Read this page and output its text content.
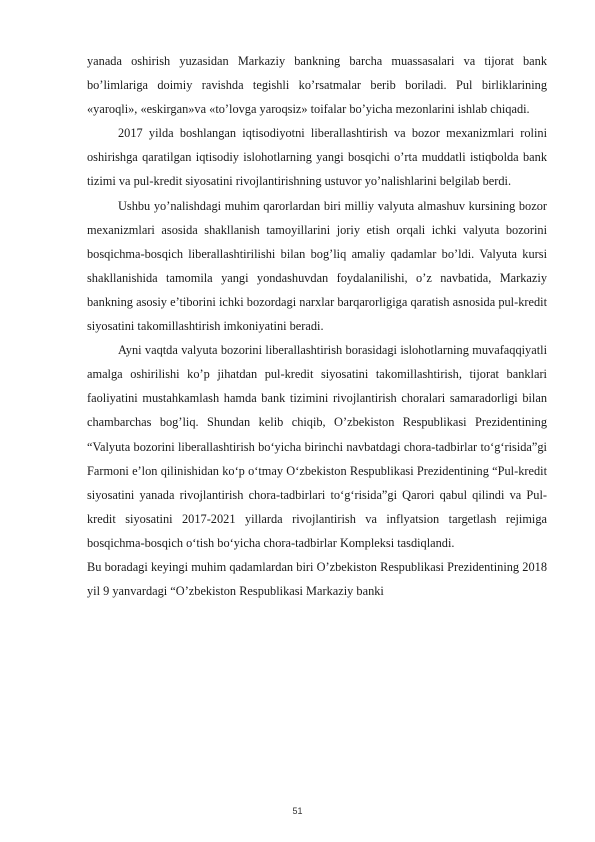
yanada oshirish yuzasidan Markaziy bankning barcha muassasalari va tijorat bank bo’limlariga doimiy ravishda tegishli ko’rsatmalar berib boriladi. Pul birliklarining «yaroqli», «eskirgan»va «to’lovga yaroqsiz» toifalar bo’yicha mezonlarini ishlab chiqadi.

2017 yilda boshlangan iqtisodiyotni liberallashtirish va bozor mexanizmlari rolini oshirishga qaratilgan iqtisodiy islohotlarning yangi bosqichi o’rta muddatli istiqbolda bank tizimi va pul-kredit siyosatini rivojlantirishning ustuvor yo’nalishlarini belgilab berdi.

Ushbu yo’nalishdagi muhim qarorlardan biri milliy valyuta almashuv kursining bozor mexanizmlari asosida shakllanish tamoyillarini joriy etish orqali ichki valyuta bozorini bosqichma-bosqich liberallashtirilishi bilan bog’liq amaliy qadamlar bo’ldi. Valyuta kursi shakllanishida tamomila yangi yondashuvdan foydalanilishi, o’z navbatida, Markaziy bankning asosiy e’tiborini ichki bozordagi narxlar barqarorligiga qaratish asnosida pul-kredit siyosatini takomillashtirish imkoniyatini beradi.

Ayni vaqtda valyuta bozorini liberallashtirish borasidagi islohotlarning muvafaqqiyatli amalga oshirilishi ko’p jihatdan pul-kredit siyosatini takomillashtirish, tijorat banklari faoliyatini mustahkamlash hamda bank tizimini rivojlantirish choralari samaradorligi bilan chambarchas bog’liq. Shundan kelib chiqib, O’zbekiston Respublikasi Prezidentining “Valyuta bozorini liberallashtirish bo‘yicha birinchi navbatdagi chora-tadbirlar to‘g‘risida”gi Farmoni e’lon qilinishidan ko‘p o‘tmay O‘zbekiston Respublikasi Prezidentining “Pul-kredit siyosatini yanada rivojlantirish chora-tadbirlari to‘g‘risida”gi Qarori qabul qilindi va Pul-kredit siyosatini 2017-2021 yillarda rivojlantirish va inflyatsion targetlash rejimiga bosqichma-bosqich o‘tish bo‘yicha chora-tadbirlar Kompleksi tasdiqlandi.

Bu boradagi keyingi muhim qadamlardan biri O’zbekiston Respublikasi Prezidentining 2018 yil 9 yanvardagi “O’zbekiston Respublikasi Markaziy banki

51
